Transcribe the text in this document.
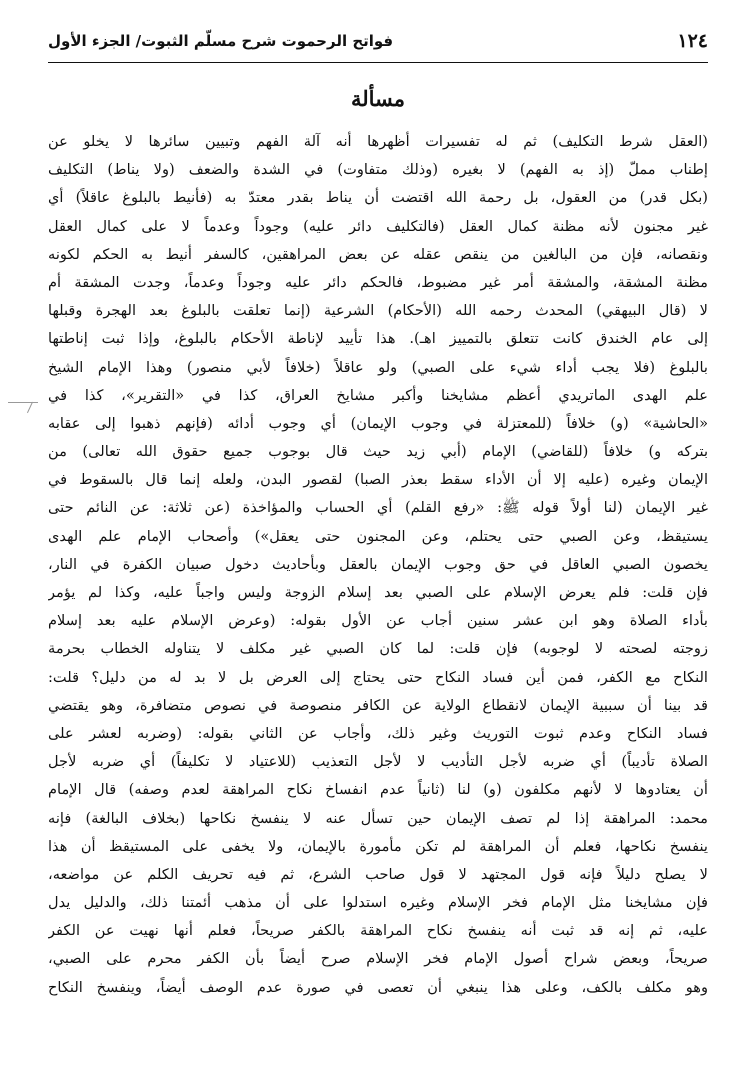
١٢٤
فواتح الرحموت شرح مسلّم الثبوت/ الجزء الأول
مسألة
(العقل شرط التكليف) ثم له تفسيرات أظهرها أنه آلة الفهم وتبيين سائرها لا يخلو عن
إطناب مملّ (إذ به الفهم) لا بغيره (وذلك متفاوت) في الشدة والضعف (ولا يناط) التكليف
(بكل قدر) من العقول، بل رحمة الله اقتضت أن يناط بقدر معتدّ به (فأنيط بالبلوغ عاقلاً) أي
غير مجنون لأنه مظنة كمال العقل (فالتكليف دائر عليه) وجوداً وعدماً لا على كمال العقل
ونقصانه، فإن من البالغين من ينقص عقله عن بعض المراهقين، كالسفر أنيط به الحكم لكونه
مظنة المشقة، والمشقة أمر غير مضبوط، فالحكم دائر عليه وجوداً وعدماً، وجدت المشقة أم
لا (قال البيهقي) المحدث رحمه الله (الأحكام) الشرعية (إنما تعلقت بالبلوغ بعد الهجرة وقبلها
إلى عام الخندق كانت تتعلق بالتمييز اهـ). هذا تأييد لإناطة الأحكام بالبلوغ، وإذا ثبت إناطتها
بالبلوغ (فلا يجب أداء شيء على الصبي) ولو عاقلاً (خلافاً لأبي منصور) وهذا الإمام الشيخ
علم الهدى الماتريدي أعظم مشايخنا وأكبر مشايخ العراق، كذا في «التقرير»، كذا في
«الحاشية» (و) خلافاً (للمعتزلة في وجوب الإيمان) أي وجوب أدائه (فإنهم ذهبوا إلى عقابه
بتركه و) خلافاً (للقاضي) الإمام (أبي زيد حيث قال بوجوب جميع حقوق الله تعالى) من
الإيمان وغيره (عليه إلا أن الأداء سقط بعذر الصبا) لقصور البدن، ولعله إنما قال بالسقوط في
غير الإيمان (لنا أولاً قوله ﷺ: «رفع القلم) أي الحساب والمؤاخذة (عن ثلاثة: عن النائم حتى
يستيقظ، وعن الصبي حتى يحتلم، وعن المجنون حتى يعقل») وأصحاب الإمام علم الهدى
يخصون الصبي العاقل في حق وجوب الإيمان بالعقل وبأحاديث دخول صبيان الكفرة في النار،
فإن قلت: فلم يعرض الإسلام على الصبي بعد إسلام الزوجة وليس واجباً عليه، وكذا لم يؤمر
بأداء الصلاة وهو ابن عشر سنين أجاب عن الأول بقوله: (وعرض الإسلام عليه بعد إسلام
زوجته لصحته لا لوجوبه) فإن قلت: لما كان الصبي غير مكلف لا يتناوله الخطاب بحرمة
النكاح مع الكفر، فمن أين فساد النكاح حتى يحتاج إلى العرض بل لا بد له من دليل؟ قلت:
قد بينا أن سببية الإيمان لانقطاع الولاية عن الكافر منصوصة في نصوص متضافرة، وهو يقتضي
فساد النكاح وعدم ثبوت التوريث وغير ذلك، وأجاب عن الثاني بقوله: (وضربه لعشر على
الصلاة تأديباً) أي ضربه لأجل التأديب لا لأجل التعذيب (للاعتياد لا تكليفاً) أي ضربه لأجل
أن يعتادوها لا لأنهم مكلفون (و) لنا (ثانياً عدم انفساخ نكاح المراهقة لعدم وصفه) قال الإمام
محمد: المراهقة إذا لم تصف الإيمان حين تسأل عنه لا ينفسخ نكاحها (بخلاف البالغة) فإنه
ينفسخ نكاحها، فعلم أن المراهقة لم تكن مأمورة بالإيمان، ولا يخفى على المستيقظ أن هذا
لا يصلح دليلاً فإنه قول المجتهد لا قول صاحب الشرع، ثم فيه تحريف الكلم عن مواضعه،
فإن مشايخنا مثل الإمام فخر الإسلام وغيره استدلوا على أن مذهب أئمتنا ذلك، والدليل يدل
عليه، ثم إنه قد ثبت أنه ينفسخ نكاح المراهقة بالكفر صريحاً، فعلم أنها نهيت عن الكفر
صريحاً، وبعض شراح أصول الإمام فخر الإسلام صرح أيضاً بأن الكفر محرم على الصبي،
وهو مكلف بالكف، وعلى هذا ينبغي أن تعصى في صورة عدم الوصف أيضاً، وينفسخ النكاح
